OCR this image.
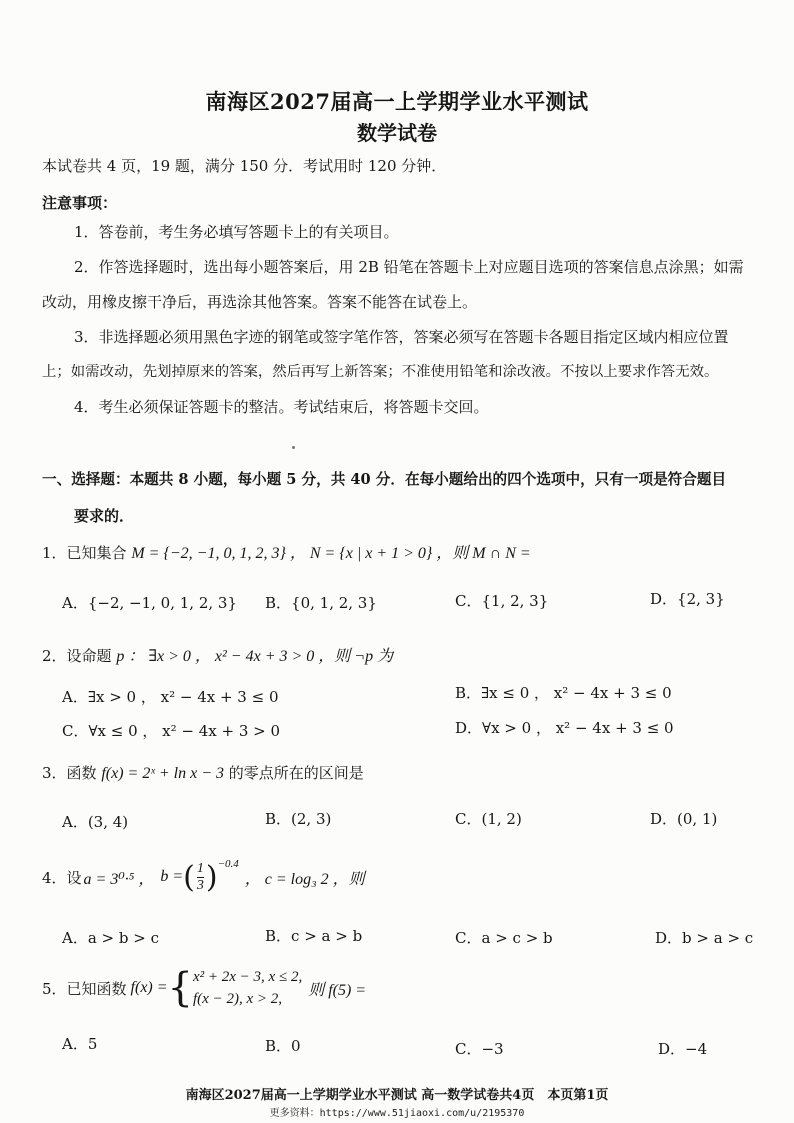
南海区2027届高一上学期学业水平测试
数学试卷
本试卷共 4 页，19 题，满分 150 分．考试用时 120 分钟．
注意事项：
1．答卷前，考生务必填写答题卡上的有关项目。
2．作答选择题时，选出每小题答案后，用 2B 铅笔在答题卡上对应题目选项的答案信息点涂黑；如需
改动，用橡皮擦干净后，再选涂其他答案。答案不能答在试卷上。
3．非选择题必须用黑色字迹的钢笔或签字笔作答，答案必须写在答题卡各题目指定区域内相应位置
上；如需改动，先划掉原来的答案，然后再写上新答案；不准使用铅笔和涂改液。不按以上要求作答无效。
4．考生必须保证答题卡的整洁。考试结束后，将答题卡交回。
一、选择题：本题共 8 小题，每小题 5 分，共 40 分．在每小题给出的四个选项中，只有一项是符合题目
要求的．
1．已知集合 M = {−2, −1, 0, 1, 2, 3} ， N = {x | x + 1 > 0} ，则 M ∩ N =
A．{−2, −1, 0, 1, 2, 3} B．{0, 1, 2, 3}	C．{1, 2, 3}	D．{2, 3}
2．设命题 p ： ∃x > 0 ， x² − 4x + 3 > 0 ，则 ¬p 为
A．∃x > 0 ， x² − 4x + 3 ≤ 0	B．∃x ≤ 0 ， x² − 4x + 3 ≤ 0
C．∀x ≤ 0 ， x² − 4x + 3 > 0	D．∀x > 0 ， x² − 4x + 3 ≤ 0
3．函数 f(x) = 2ˣ + ln x − 3 的零点所在的区间是
A．(3, 4)	B．(2, 3)	C．(1, 2)	D．(0, 1)
4．设 a = 3⁰·⁵ ， b = ( $\frac{1}{3} )^{-0.4}$
， c = log₃ 2 ，则
A．a > b > c	B．c > a > b	C．a > c > b	D．b > a > c
5．已知函数 f(x) = { x² + 2x − 3, x ≤ 2,
f(x − 2), x > 2,
则 f(5) =
A．5	B．0	C．−3	D．−4
南海区2027届高一上学期学业水平测试 高一数学试卷共4页　本页第1页
更多资料：https://www.51jiaoxi.com/u/2195370
